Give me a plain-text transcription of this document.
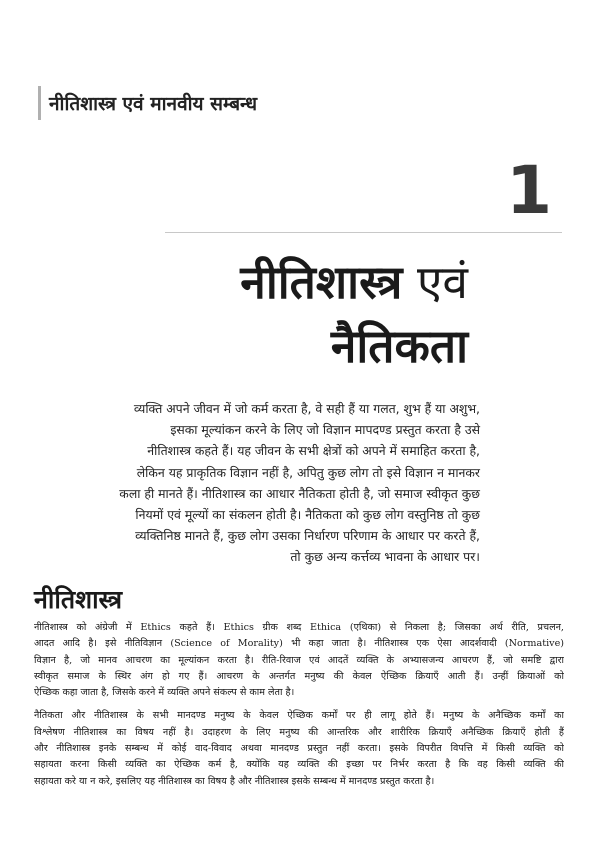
नीतिशास्त्र एवं मानवीय सम्बन्ध
1
नीतिशास्त्र एवं
नैतिकता
व्यक्ति अपने जीवन में जो कर्म करता है, वे सही हैं या गलत, शुभ हैं या अशुभ,
इसका मूल्यांकन करने के लिए जो विज्ञान मापदण्ड प्रस्तुत करता है उसे
नीतिशास्त्र कहते हैं। यह जीवन के सभी क्षेत्रों को अपने में समाहित करता है,
लेकिन यह प्राकृतिक विज्ञान नहीं है, अपितु कुछ लोग तो इसे विज्ञान न मानकर
कला ही मानते हैं। नीतिशास्त्र का आधार नैतिकता होती है, जो समाज स्वीकृत कुछ
नियमों एवं मूल्यों का संकलन होती है। नैतिकता को कुछ लोग वस्तुनिष्ठ तो कुछ
व्यक्तिनिष्ठ मानते हैं, कुछ लोग उसका निर्धारण परिणाम के आधार पर करते हैं,
तो कुछ अन्य कर्त्तव्य भावना के आधार पर।
नीतिशास्त्र
नीतिशास्त्र को अंग्रेजी में Ethics कहते हैं। Ethics ग्रीक शब्द Ethica (एथिका) से निकला है; जिसका अर्थ रीति, प्रचलन,
आदत आदि है। इसे नीतिविज्ञान (Science of Morality) भी कहा जाता है। नीतिशास्त्र एक ऐसा आदर्शवादी (Normative)
विज्ञान है, जो मानव आचरण का मूल्यांकन करता है। रीति-रिवाज एवं आदतें व्यक्ति के अभ्यासजन्य आचरण हैं, जो समष्टि द्वारा
स्वीकृत समाज के स्थिर अंग हो गए हैं। आचरण के अन्तर्गत मनुष्य की केवल ऐच्छिक क्रियाएँ आती हैं। उन्हीं क्रियाओं को
ऐच्छिक कहा जाता है, जिसके करने में व्यक्ति अपने संकल्प से काम लेता है।
नैतिकता और नीतिशास्त्र के सभी मानदण्ड मनुष्य के केवल ऐच्छिक कर्मों पर ही लागू होते हैं। मनुष्य के अनैच्छिक कर्मों का
विश्लेषण नीतिशास्त्र का विषय नहीं है। उदाहरण के लिए मनुष्य की आन्तरिक और शारीरिक क्रियाएँ अनैच्छिक क्रियाएँ होती हैं
और नीतिशास्त्र इनके सम्बन्ध में कोई वाद-विवाद अथवा मानदण्ड प्रस्तुत नहीं करता। इसके विपरीत विपत्ति में किसी व्यक्ति को
सहायता करना किसी व्यक्ति का ऐच्छिक कर्म है, क्योंकि यह व्यक्ति की इच्छा पर निर्भर करता है कि वह किसी व्यक्ति की
सहायता करे या न करे, इसलिए यह नीतिशास्त्र का विषय है और नीतिशास्त्र इसके सम्बन्ध में मानदण्ड प्रस्तुत करता है।
